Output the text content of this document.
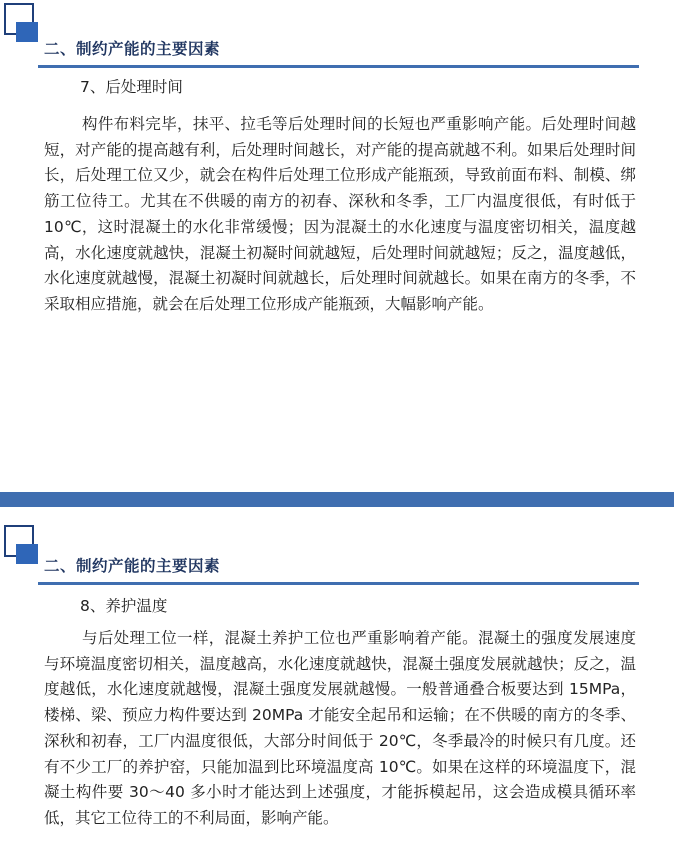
二、制约产能的主要因素
7、后处理时间

构件布料完毕，抹平、拉毛等后处理时间的长短也严重影响产能。后处理时间越短，对产能的提高越有利，后处理时间越长，对产能的提高就越不利。如果后处理时间长，后处理工位又少，就会在构件后处理工位形成产能瓶颈，导致前面布料、制模、绑筋工位待工。尤其在不供暖的南方的初春、深秋和冬季，工厂内温度很低，有时低于 10℃，这时混凝土的水化非常缓慢；因为混凝土的水化速度与温度密切相关，温度越高，水化速度就越快，混凝土初凝时间就越短，后处理时间就越短；反之，温度越低，水化速度就越慢，混凝土初凝时间就越长，后处理时间就越长。如果在南方的冬季，不采取相应措施，就会在后处理工位形成产能瓶颈，大幅影响产能。

二、制约产能的主要因素
8、养护温度

与后处理工位一样，混凝土养护工位也严重影响着产能。混凝土的强度发展速度与环境温度密切相关，温度越高，水化速度就越快，混凝土强度发展就越快；反之，温度越低，水化速度就越慢，混凝土强度发展就越慢。一般普通叠合板要达到 15MPa，楼梯、梁、预应力构件要达到 20MPa 才能安全起吊和运输；在不供暖的南方的冬季、深秋和初春，工厂内温度很低，大部分时间低于 20℃，冬季最冷的时候只有几度。还有不少工厂的养护窑，只能加温到比环境温度高 10℃。如果在这样的环境温度下，混凝土构件要 30～40 多小时才能达到上述强度，才能拆模起吊，这会造成模具循环率低，其它工位待工的不利局面，影响产能。
